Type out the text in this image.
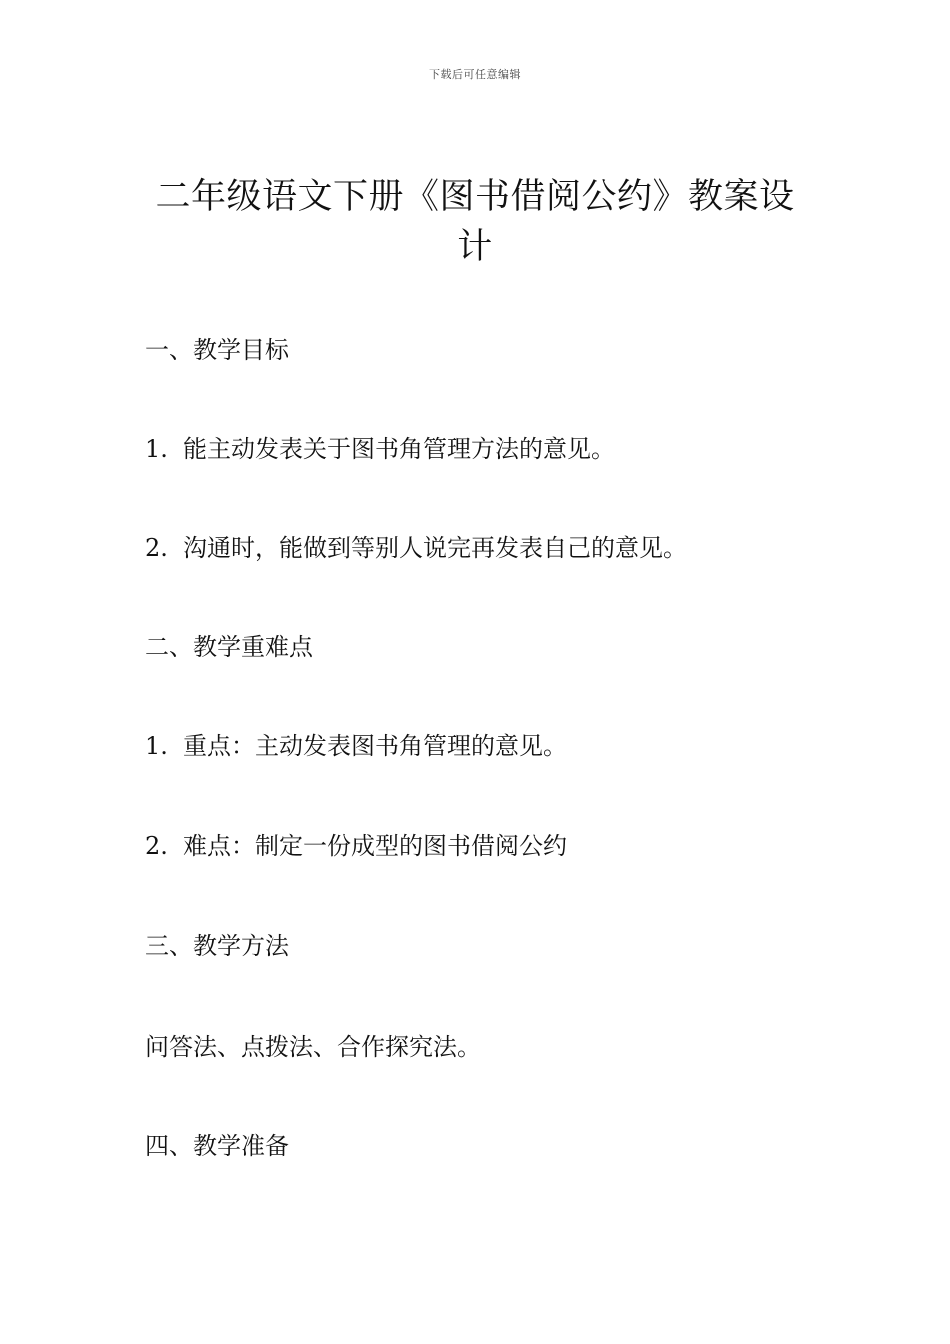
下载后可任意编辑
二年级语文下册《图书借阅公约》教案设计
一、教学目标
1. 能主动发表关于图书角管理方法的意见。
2. 沟通时，能做到等别人说完再发表自己的意见。
二、教学重难点
1. 重点：主动发表图书角管理的意见。
2. 难点：制定一份成型的图书借阅公约
三、教学方法
问答法、点拨法、合作探究法。
四、教学准备
